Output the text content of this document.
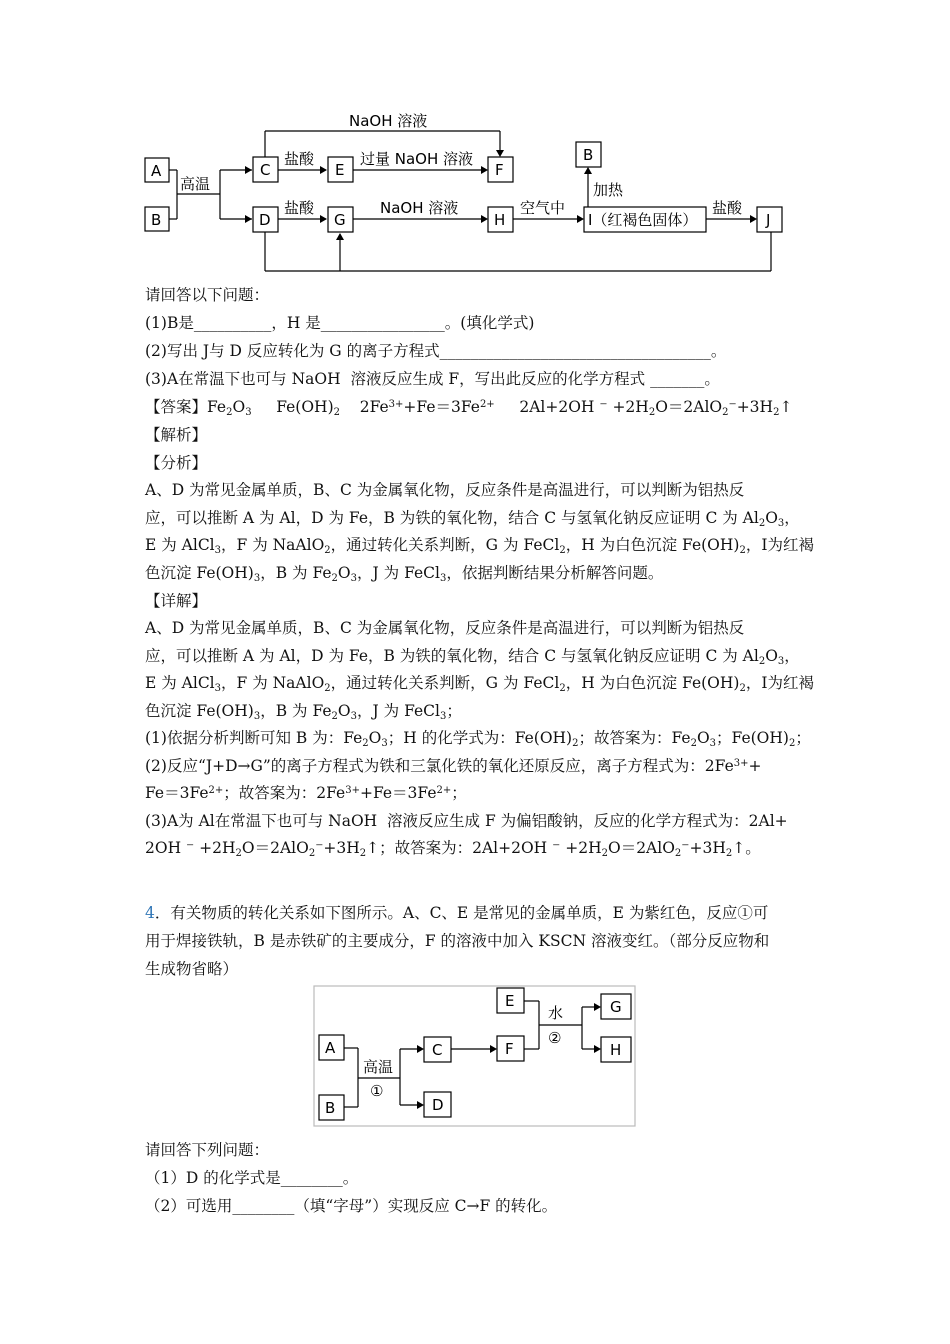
A
B
C
D
E	F
G	H
B
I（红褐色固体）	J
高温
NaOH 溶液
盐酸	过量 NaOH 溶液
盐酸	NaOH 溶液	空气中
加热
盐酸
请回答以下问题：
(1)B是__________，H 是________________。(填化学式)
(2)写出 J与 D 反应转化为 G 的离子方程式___________________________________。
(3)A在常温下也可与 NaOH  溶液反应生成 F，写出此反应的化学方程式 _______。
【答案】$Fe_2O_3$ $Fe(OH)_2$ $2Fe^{3+}+Fe=3Fe^{2+}$ 2Al+2OH ⁻ $+2H_2O=2AlO_2^-+3H_2↑$
【解析】
【分析】
A、D 为常见金属单质，B、C 为金属氧化物，反应条件是高温进行，可以判断为铝热反
应，可以推断 A 为 Al，D 为 Fe，B 为铁的氧化物，结合 C 与氢氧化钠反应证明 C 为 $Al_2O_3$，
E 为 AlCl$_3$，F 为 NaAlO$_2$，通过转化关系判断，G 为 FeCl$_2$，H 为白色沉淀 $Fe(OH)_2$，I为红褐
色沉淀 $Fe(OH)_3$，B 为 $Fe_2O_3$，J 为 FeCl$_3$，依据判断结果分析解答问题。
【详解】
A、D 为常见金属单质，B、C 为金属氧化物，反应条件是高温进行，可以判断为铝热反
应，可以推断 A 为 Al，D 为 Fe，B 为铁的氧化物，结合 C 与氢氧化钠反应证明 C 为 $Al_2O_3$，
E 为 AlCl$_3$，F 为 NaAlO$_2$，通过转化关系判断，G 为 FeCl$_2$，H 为白色沉淀 $Fe(OH)_2$，I为红褐
色沉淀 $Fe(OH)_3$，B 为 $Fe_2O_3$，J 为 FeCl$_3$；
(1)依据分析判断可知 B 为：$Fe_2O_3$；H 的化学式为：$Fe(OH)_2$；故答案为：$Fe_2O_3$；$Fe(OH)_2$；
(2)反应“J+D→G”的离子方程式为铁和三氯化铁的氧化还原反应，离子方程式为：$2Fe^{3+}+$
$Fe=3Fe^{2+}$；故答案为：$2Fe^{3+}+Fe=3Fe^{2+}$；
(3)A为 Al在常温下也可与 NaOH  溶液反应生成 F 为偏铝酸钠，反应的化学方程式为：2Al+
2OH ⁻ $+2H_2O=2AlO_2^-+3H_2↑$；故答案为：2Al+2OH ⁻ $+2H_2O=2AlO_2^-+3H_2↑$。
4．有关物质的转化关系如下图所示。A、C、E 是常见的金属单质，E 为紫红色，反应①可
用于焊接铁轨，B 是赤铁矿的主要成分，F 的溶液中加入 KSCN 溶液变红。（部分反应物和
生成物省略）
A
B
C
D
E
F
G
H
高温
①
水
②
请回答下列问题：
（1）D 的化学式是________。
（2）可选用________（填“字母”）实现反应 C→F 的转化。
